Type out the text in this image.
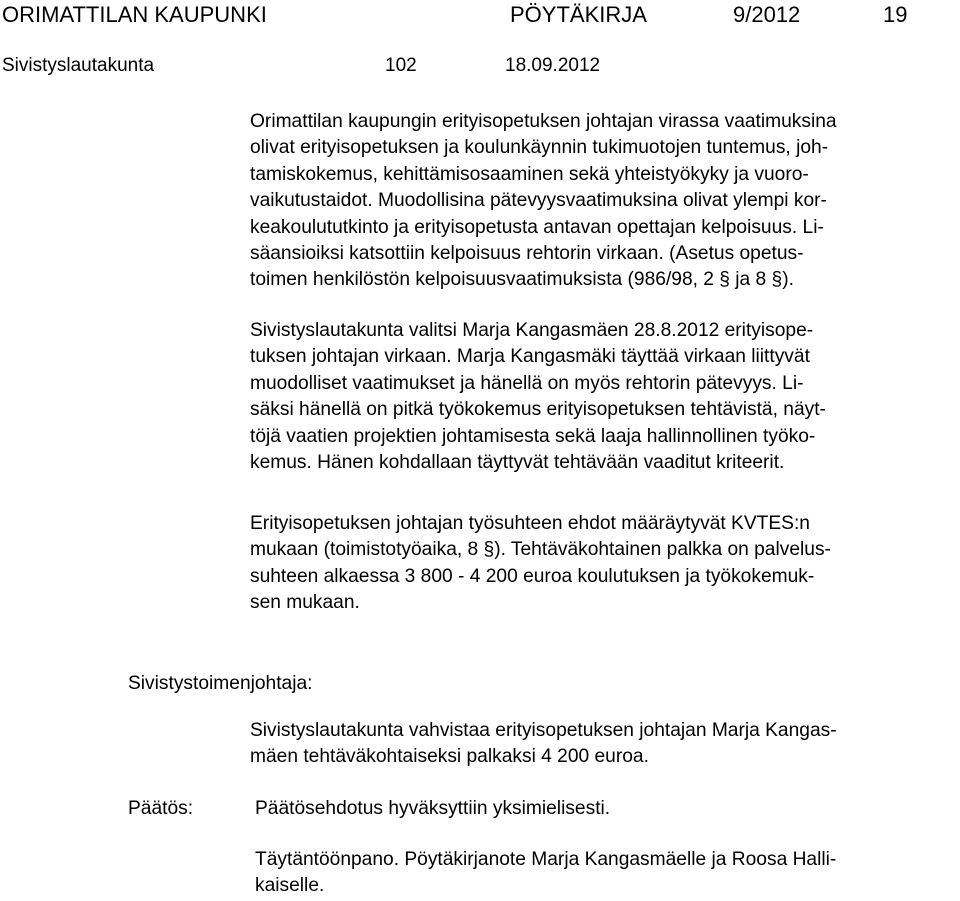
ORIMATTILAN KAUPUNKI	PÖYTÄKIRJA	9/2012	19
Sivistyslautakunta	102	18.09.2012
Orimattilan kaupungin erityisopetuksen johtajan virassa vaatimuksina
olivat erityisopetuksen ja koulunkäynnin tukimuotojen tuntemus, joh-
tamiskokemus, kehittämisosaaminen sekä yhteistyökyky ja vuoro-
vaikutustaidot. Muodollisina pätevyysvaatimuksina olivat ylempi kor-
keakoulututkinto ja erityisopetusta antavan opettajan kelpoisuus. Li-
säansioiksi katsottiin kelpoisuus rehtorin virkaan. (Asetus opetus-
toimen henkilöstön kelpoisuusvaatimuksista (986/98, 2 § ja 8 §).
Sivistyslautakunta valitsi Marja Kangasmäen 28.8.2012 erityisope-
tuksen johtajan virkaan. Marja Kangasmäki täyttää virkaan liittyvät
muodolliset vaatimukset ja hänellä on myös rehtorin pätevyys. Li-
säksi hänellä on pitkä työkokemus erityisopetuksen tehtävistä, näyt-
töjä vaatien projektien johtamisesta sekä laaja hallinnollinen työko-
kemus. Hänen kohdallaan täyttyvät tehtävään vaaditut kriteerit.
Erityisopetuksen johtajan työsuhteen ehdot määräytyvät KVTES:n
mukaan (toimistotyöaika, 8 §). Tehtäväkohtainen palkka on palvelus-
suhteen alkaessa 3 800 - 4 200 euroa koulutuksen ja työkokemuk-
sen mukaan.
Sivistystoimenjohtaja:
Sivistyslautakunta vahvistaa erityisopetuksen johtajan Marja Kangas-
mäen tehtäväkohtaiseksi palkaksi 4 200 euroa.
Päätös:	Päätösehdotus hyväksyttiin yksimielisesti.
Täytäntöönpano. Pöytäkirjanote Marja Kangasmäelle ja Roosa Halli-
kaiselle.
